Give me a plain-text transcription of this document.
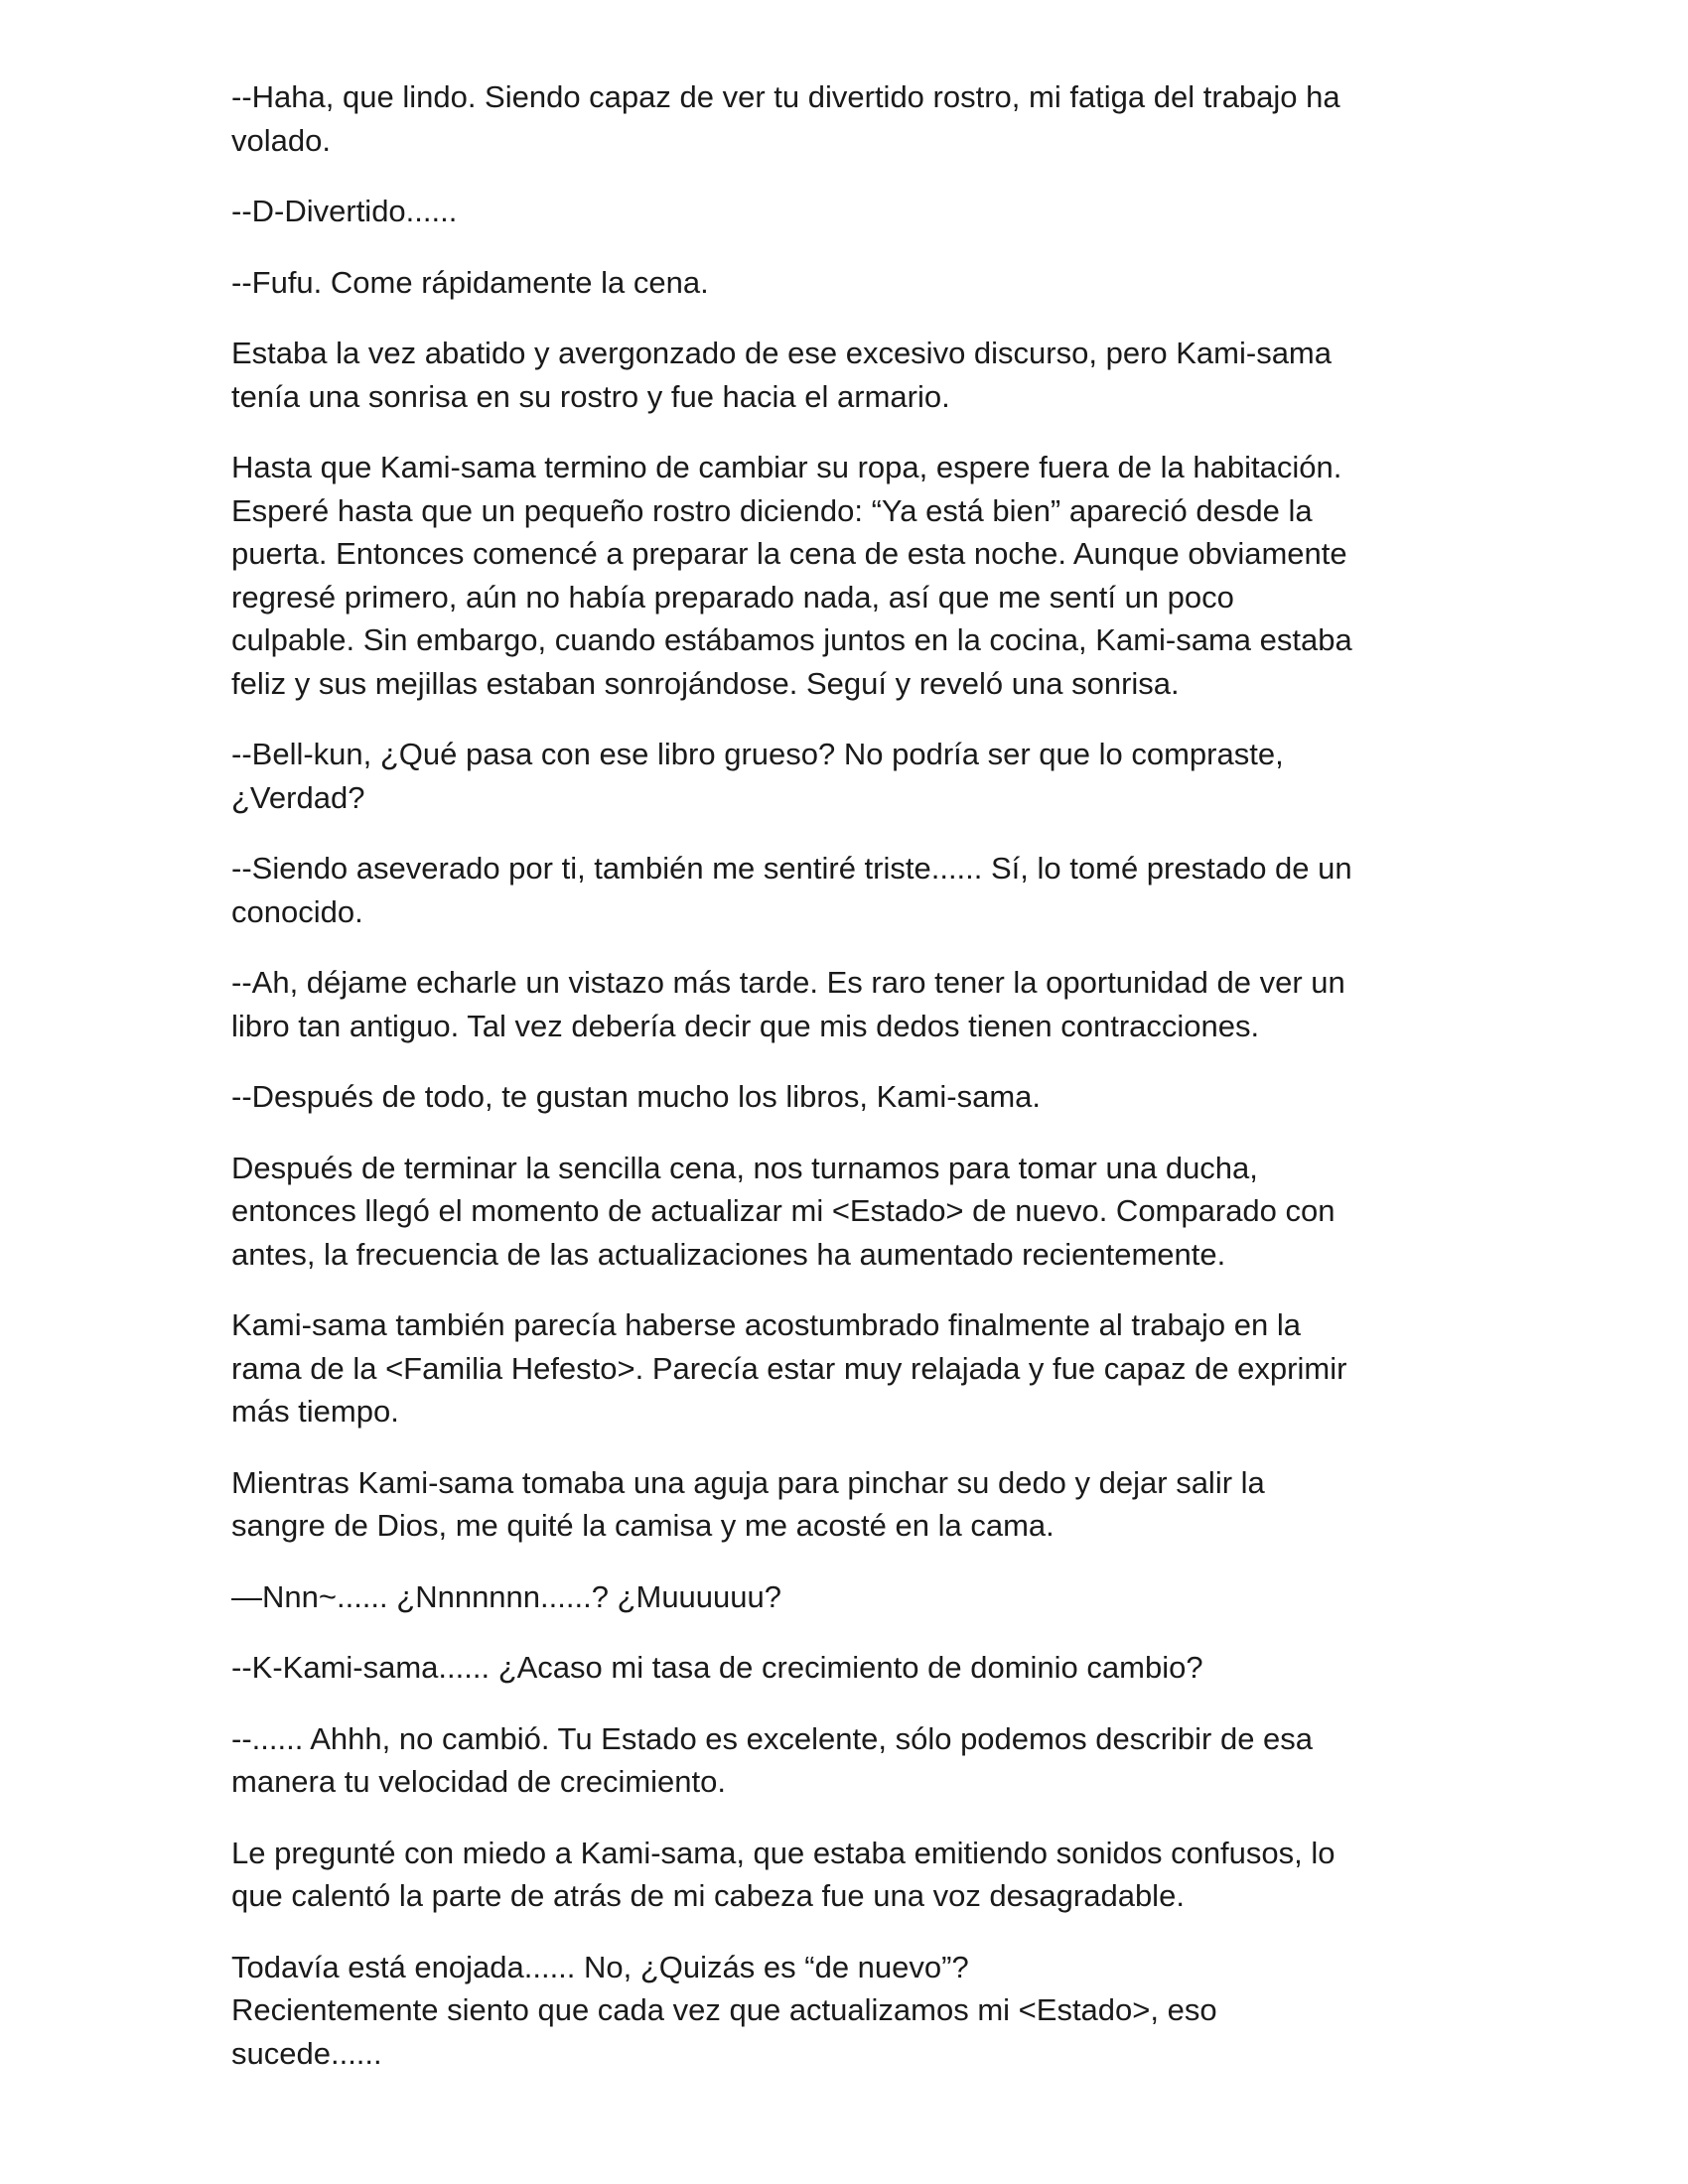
--Haha, que lindo. Siendo capaz de ver tu divertido rostro, mi fatiga del trabajo ha
volado.

--D-Divertido......

--Fufu. Come rápidamente la cena.

Estaba la vez abatido y avergonzado de ese excesivo discurso, pero Kami-sama
tenía una sonrisa en su rostro y fue hacia el armario.

Hasta que Kami-sama termino de cambiar su ropa, espere fuera de la habitación.
Esperé hasta que un pequeño rostro diciendo: “Ya está bien” apareció desde la
puerta. Entonces comencé a preparar la cena de esta noche. Aunque obviamente
regresé primero, aún no había preparado nada, así que me sentí un poco
culpable. Sin embargo, cuando estábamos juntos en la cocina, Kami-sama estaba
feliz y sus mejillas estaban sonrojándose. Seguí y reveló una sonrisa.

--Bell-kun, ¿Qué pasa con ese libro grueso? No podría ser que lo compraste,
¿Verdad?

--Siendo aseverado por ti, también me sentiré triste...... Sí, lo tomé prestado de un
conocido.

--Ah, déjame echarle un vistazo más tarde. Es raro tener la oportunidad de ver un
libro tan antiguo. Tal vez debería decir que mis dedos tienen contracciones.

--Después de todo, te gustan mucho los libros, Kami-sama.

Después de terminar la sencilla cena, nos turnamos para tomar una ducha,
entonces llegó el momento de actualizar mi <Estado> de nuevo. Comparado con
antes, la frecuencia de las actualizaciones ha aumentado recientemente.

Kami-sama también parecía haberse acostumbrado finalmente al trabajo en la
rama de la <Familia Hefesto>. Parecía estar muy relajada y fue capaz de exprimir
más tiempo.

Mientras Kami-sama tomaba una aguja para pinchar su dedo y dejar salir la
sangre de Dios, me quité la camisa y me acosté en la cama.

—Nnn~...... ¿Nnnnnnn......? ¿Muuuuuu?

--K-Kami-sama...... ¿Acaso mi tasa de crecimiento de dominio cambio?

--...... Ahhh, no cambió. Tu Estado es excelente, sólo podemos describir de esa
manera tu velocidad de crecimiento.

Le pregunté con miedo a Kami-sama, que estaba emitiendo sonidos confusos, lo
que calentó la parte de atrás de mi cabeza fue una voz desagradable.

Todavía está enojada...... No, ¿Quizás es “de nuevo”?
Recientemente siento que cada vez que actualizamos mi <Estado>, eso
sucede......
